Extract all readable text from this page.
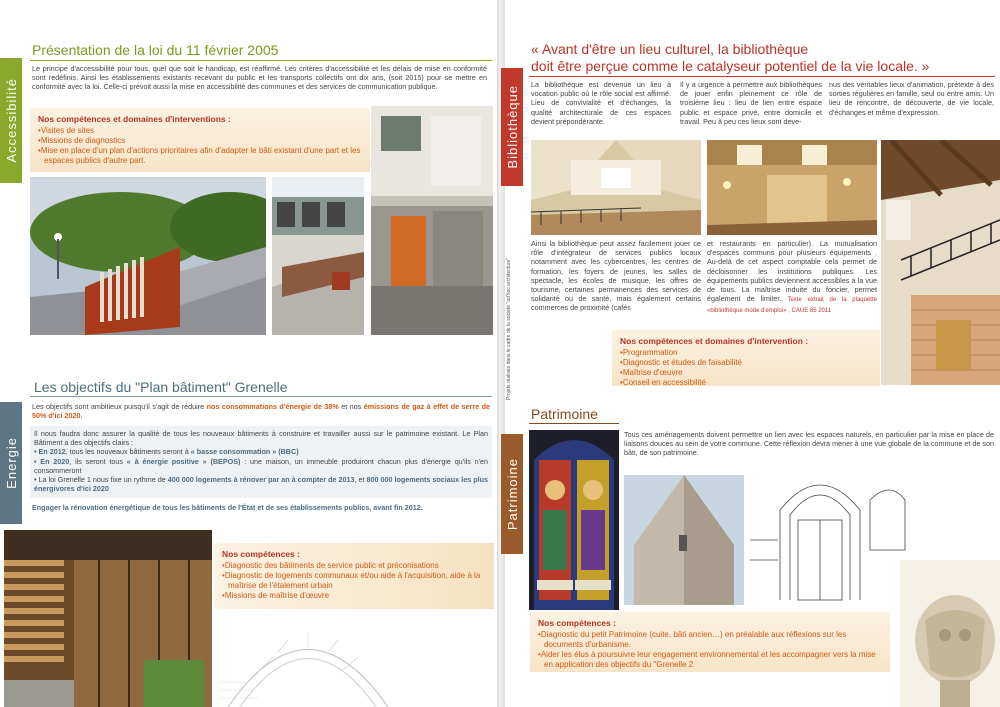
Accessibilité
Présentation de la loi du 11 février 2005
Le principe d'accessibilité pour tous, quel que soit le handicap, est réaffirmé. Les critères d'accessibilité et les délais de mise en conformité sont redéfinis. Ainsi les établissements existants recevant du public et les transports collectifs ont dix ans, (soit 2015) pour se mettre en conformité avec la loi. Celle-ci prévoit aussi la mise en accessibilité des communes et des services de communication publique.
Nos compétences et domaines d'interventions :
• Visites de sites
• Missions de diagnostics
• Mise en place d'un plan d'actions prioritaires afin d'adapter le bâti existant d'une part et les espaces publics d'autre part.
Energie
Les objectifs du "Plan bâtiment" Grenelle
Les objectifs sont ambitieux puisqu'il s'agit de réduire nos consommations d'énergie de 38% et nos émissions de gaz à effet de serre de 50% d'ici 2020.
Il nous faudra donc assurer la qualité de tous les nouveaux bâtiments à construire et travailler aussi sur le patrimoine existant. Le Plan Bâtiment a des objectifs clairs :
• En 2012, tous les nouveaux bâtiments seront à « basse consommation » (BBC)
• En 2020, ils seront tous « à énergie positive » (BEPOS) : une maison, un immeuble produiront chacun plus d'énergie qu'ils n'en consommeront
• La loi Grenelle 1 nous fixe un rythme de 400 000 logements à rénover par an à compter de 2013, et 800 000 logements sociaux les plus énergivores d'ici 2020
Engager la rénovation énergétique de tous les bâtiments de l'État et de ses établissements publics, avant fin 2012.
Nos compétences :
• Diagnostic des bâtiments de service public et préconisations
• Diagnostic de logements communaux et/ou aide à l'acquisition, aide à la maîtrise de l'étalement urbain
• Missions de maîtrise d'œuvre
Bibliothèque
« Avant d'être un lieu culturel, la bibliothèque
doit être perçue comme le catalyseur potentiel de la vie locale. »
La bibliothèque est devenue un lieu à vocation public où le rôle social est affirmé. Lieu de convivialité et d'échanges, la qualité architecturale de ces espaces devient prépondérante.
Il y a urgence à permettre aux bibliothèques de jouer enfin pleinement ce rôle de troisième lieu : lieu de lien entre espace public et espace privé, entre domicile et travail. Peu à peu ces lieux sont deve-
nus des véritables lieux d'animation, prétexte à des sorties régulières en famille, seul ou entre amis. Un lieu de rencontre, de découverte, de vie locale, d'échanges et même d'expression.
Projets réalisés dans le cadre de la société "ad'hoc architecture"
Ainsi la bibliothèque peut assez facilement jouer ce rôle d'intégrateur de services publics locaux notamment avec les cybercentres, les centres de formation, les foyers de jeunes, les salles de spectacle, les écoles de musique, les offres de tourisme, certaines permanences des services de solidarité ou de santé, mais également certains commerces de proximité (cafés
et restaurants en particulier). La mutualisation d'espaces communs pour plusieurs équipements . Au-delà de cet aspect comptable cela permet de décloisonner les institutions publiques. Les équipements publics deviennent accessibles à la vue de tous. La maîtrise induite du foncier, permet également de limiter. Texte extrait de la plaquette «bibliothèque mode d'emploi» , CAUE 85 2011
Nos compétences et domaines d'intervention :
• Programmation
• Diagnostic et études de faisabilité
• Maîtrise d'œuvre
• Conseil en accessibilité
Patrimoine
Patrimoine
Tous ces aménagements doivent permettre un lien avec les espaces naturels, en particulier par la mise en place de liaisons douces au sein de votre commune. Cette réflexion devra mener à une vue globale de la commune et de son bâti, de son patrimoine.
Nos compétences :
• Diagnostic du petit Patrimoine (cuite, bâti ancien…) en préalable aux réflexions sur les documents d'urbanisme.
• Aider les élus à poursuivre leur engagement environnemental et les accompagner vers la mise en application des objectifs du "Grenelle 2
